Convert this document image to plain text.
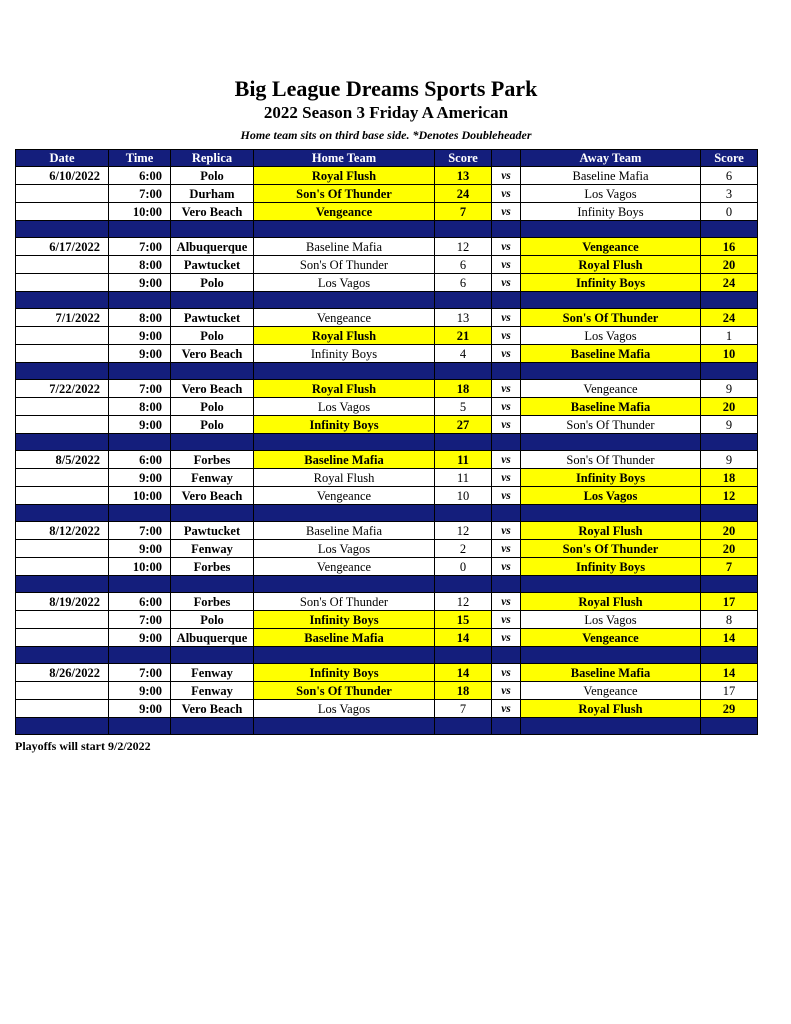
Big League Dreams Sports Park
2022 Season 3 Friday A American
Home team sits on third base side. *Denotes Doubleheader
Date	Time	Replica	Home Team	Score		Away Team	Score
6/10/2022	6:00	Polo	Royal Flush	13	vs	Baseline Mafia	6
	7:00	Durham	Son's Of Thunder	24	vs	Los Vagos	3
	10:00	Vero Beach	Vengeance	7	vs	Infinity Boys	0

6/17/2022	7:00	Albuquerque	Baseline Mafia	12	vs	Vengeance	16
	8:00	Pawtucket	Son's Of Thunder	6	vs	Royal Flush	20
	9:00	Polo	Los Vagos	6	vs	Infinity Boys	24

7/1/2022	8:00	Pawtucket	Vengeance	13	vs	Son's Of Thunder	24
	9:00	Polo	Royal Flush	21	vs	Los Vagos	1
	9:00	Vero Beach	Infinity Boys	4	vs	Baseline Mafia	10

7/22/2022	7:00	Vero Beach	Royal Flush	18	vs	Vengeance	9
	8:00	Polo	Los Vagos	5	vs	Baseline Mafia	20
	9:00	Polo	Infinity Boys	27	vs	Son's Of Thunder	9

8/5/2022	6:00	Forbes	Baseline Mafia	11	vs	Son's Of Thunder	9
	9:00	Fenway	Royal Flush	11	vs	Infinity Boys	18
	10:00	Vero Beach	Vengeance	10	vs	Los Vagos	12

8/12/2022	7:00	Pawtucket	Baseline Mafia	12	vs	Royal Flush	20
	9:00	Fenway	Los Vagos	2	vs	Son's Of Thunder	20
	10:00	Forbes	Vengeance	0	vs	Infinity Boys	7

8/19/2022	6:00	Forbes	Son's Of Thunder	12	vs	Royal Flush	17
	7:00	Polo	Infinity Boys	15	vs	Los Vagos	8
	9:00	Albuquerque	Baseline Mafia	14	vs	Vengeance	14

8/26/2022	7:00	Fenway	Infinity Boys	14	vs	Baseline Mafia	14
	9:00	Fenway	Son's Of Thunder	18	vs	Vengeance	17
	9:00	Vero Beach	Los Vagos	7	vs	Royal Flush	29

Playoffs will start 9/2/2022
